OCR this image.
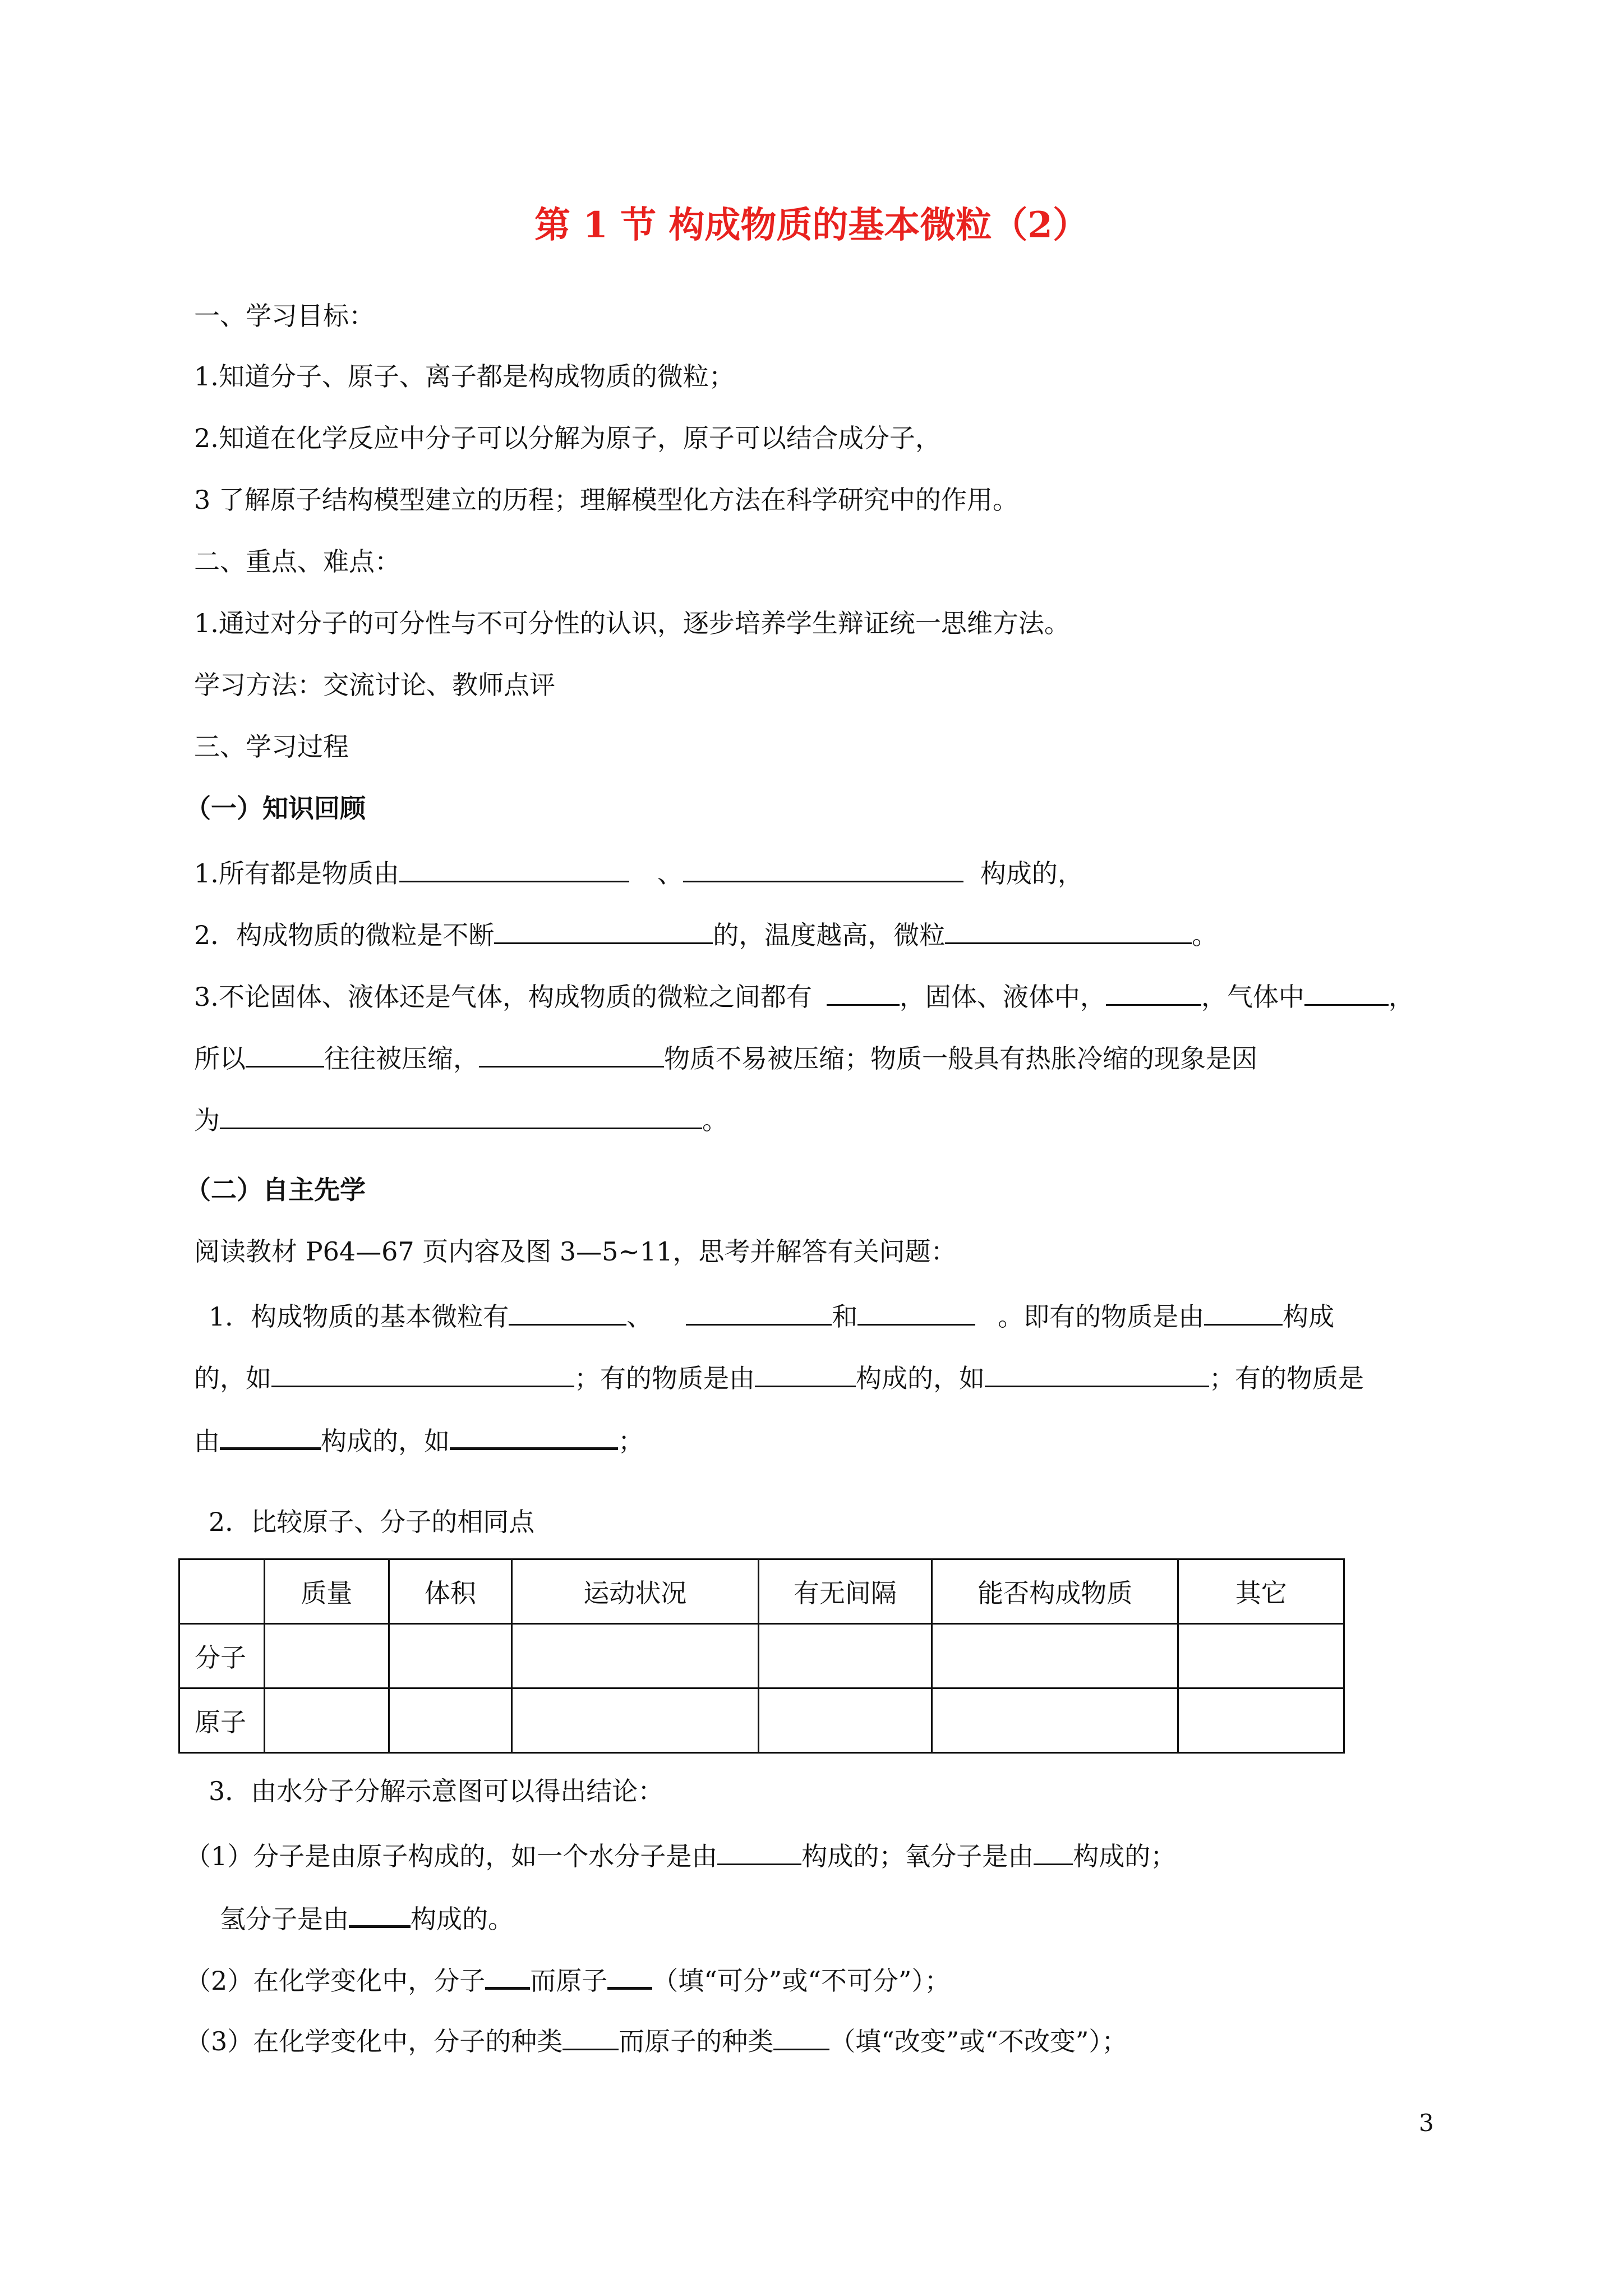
第 1 节 构成物质的基本微粒（2）
一、学习目标：
1.知道分子、原子、离子都是构成物质的微粒；
2.知道在化学反应中分子可以分解为原子，原子可以结合成分子，
3 了解原子结构模型建立的历程；理解模型化方法在科学研究中的作用。
二、重点、难点：
1.通过对分子的可分性与不可分性的认识，逐步培养学生辩证统一思维方法。
学习方法：交流讨论、教师点评
三、学习过程
（一）知识回顾
1.所有都是物质由	、	构成的，
2．构成物质的微粒是不断	的，温度越高，微粒	。
3.不论固体、液体还是气体，构成物质的微粒之间都有	，固体、液体中，	，气体中	，
所以	往往被压缩，	物质不易被压缩；物质一般具有热胀冷缩的现象是因
为	。
（二）自主先学
阅读教材 P64—67 页内容及图 3—5~11，思考并解答有关问题：
1．构成物质的基本微粒有	、	和	。即有的物质是由	构成
的，如	；有的物质是由	构成的，如	；有的物质是
由	构成的，如	；
2．比较原子、分子的相同点
	质量	体积	运动状况	有无间隔	能否构成物质	其它
分子						
原子						
3．由水分子分解示意图可以得出结论：
（1）分子是由原子构成的，如一个水分子是由	构成的；氧分子是由 构成的；
氢分子是由 构成的。
（2）在化学变化中，分子 而原子 （填“可分”或“不可分”）；
（3）在化学变化中，分子的种类 而原子的种类 （填“改变”或“不改变”）；
3
